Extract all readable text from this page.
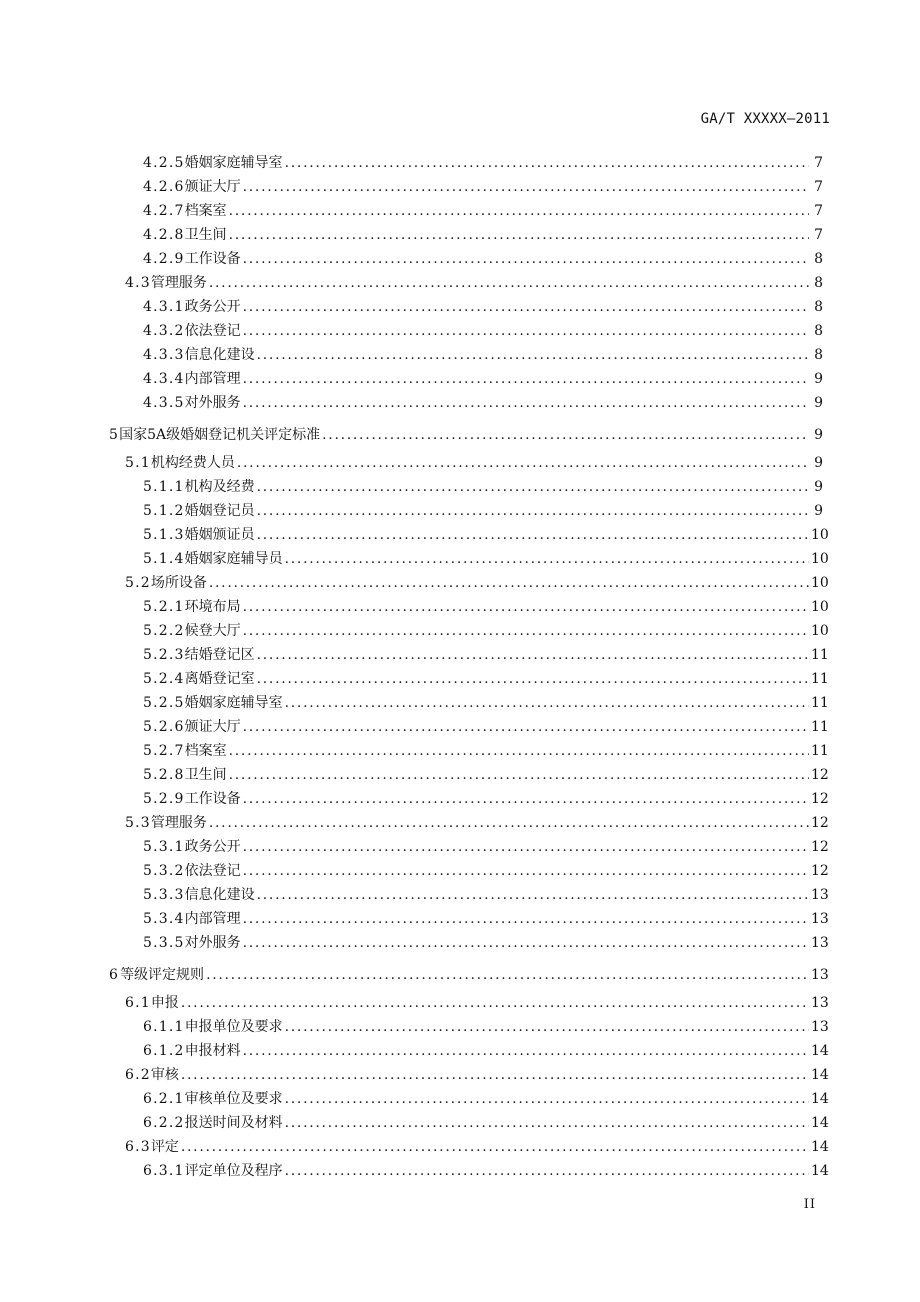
GA/T XXXXX—2011
4.2.5 婚姻家庭辅导室 .....	7
4.2.6 颁证大厅 .....	7
4.2.7 档案室 .....	7
4.2.8 卫生间 .....	7
4.2.9 工作设备 .....	8
4.3 管理服务 .....	8
4.3.1 政务公开 .....	8
4.3.2 依法登记 .....	8
4.3.3 信息化建设 .....	8
4.3.4 内部管理 .....	9
4.3.5 对外服务 .....	9
5 国家5A级婚姻登记机关评定标准 .....	9
5.1 机构经费人员 .....	9
5.1.1 机构及经费 .....	9
5.1.2 婚姻登记员 .....	9
5.1.3 婚姻颁证员 .....	10
5.1.4 婚姻家庭辅导员 .....	10
5.2 场所设备 .....	10
5.2.1 环境布局 .....	10
5.2.2 候登大厅 .....	10
5.2.3 结婚登记区 .....	11
5.2.4 离婚登记室 .....	11
5.2.5 婚姻家庭辅导室 .....	11
5.2.6 颁证大厅 .....	11
5.2.7 档案室 .....	11
5.2.8 卫生间 .....	12
5.2.9 工作设备 .....	12
5.3 管理服务 .....	12
5.3.1 政务公开 .....	12
5.3.2 依法登记 .....	12
5.3.3 信息化建设 .....	13
5.3.4 内部管理 .....	13
5.3.5 对外服务 .....	13
6 等级评定规则 .....	13
6.1 申报 .....	13
6.1.1 申报单位及要求 .....	13
6.1.2 申报材料 .....	14
6.2 审核 .....	14
6.2.1 审核单位及要求 .....	14
6.2.2 报送时间及材料 .....	14
6.3 评定 .....	14
6.3.1 评定单位及程序 .....	14
II
